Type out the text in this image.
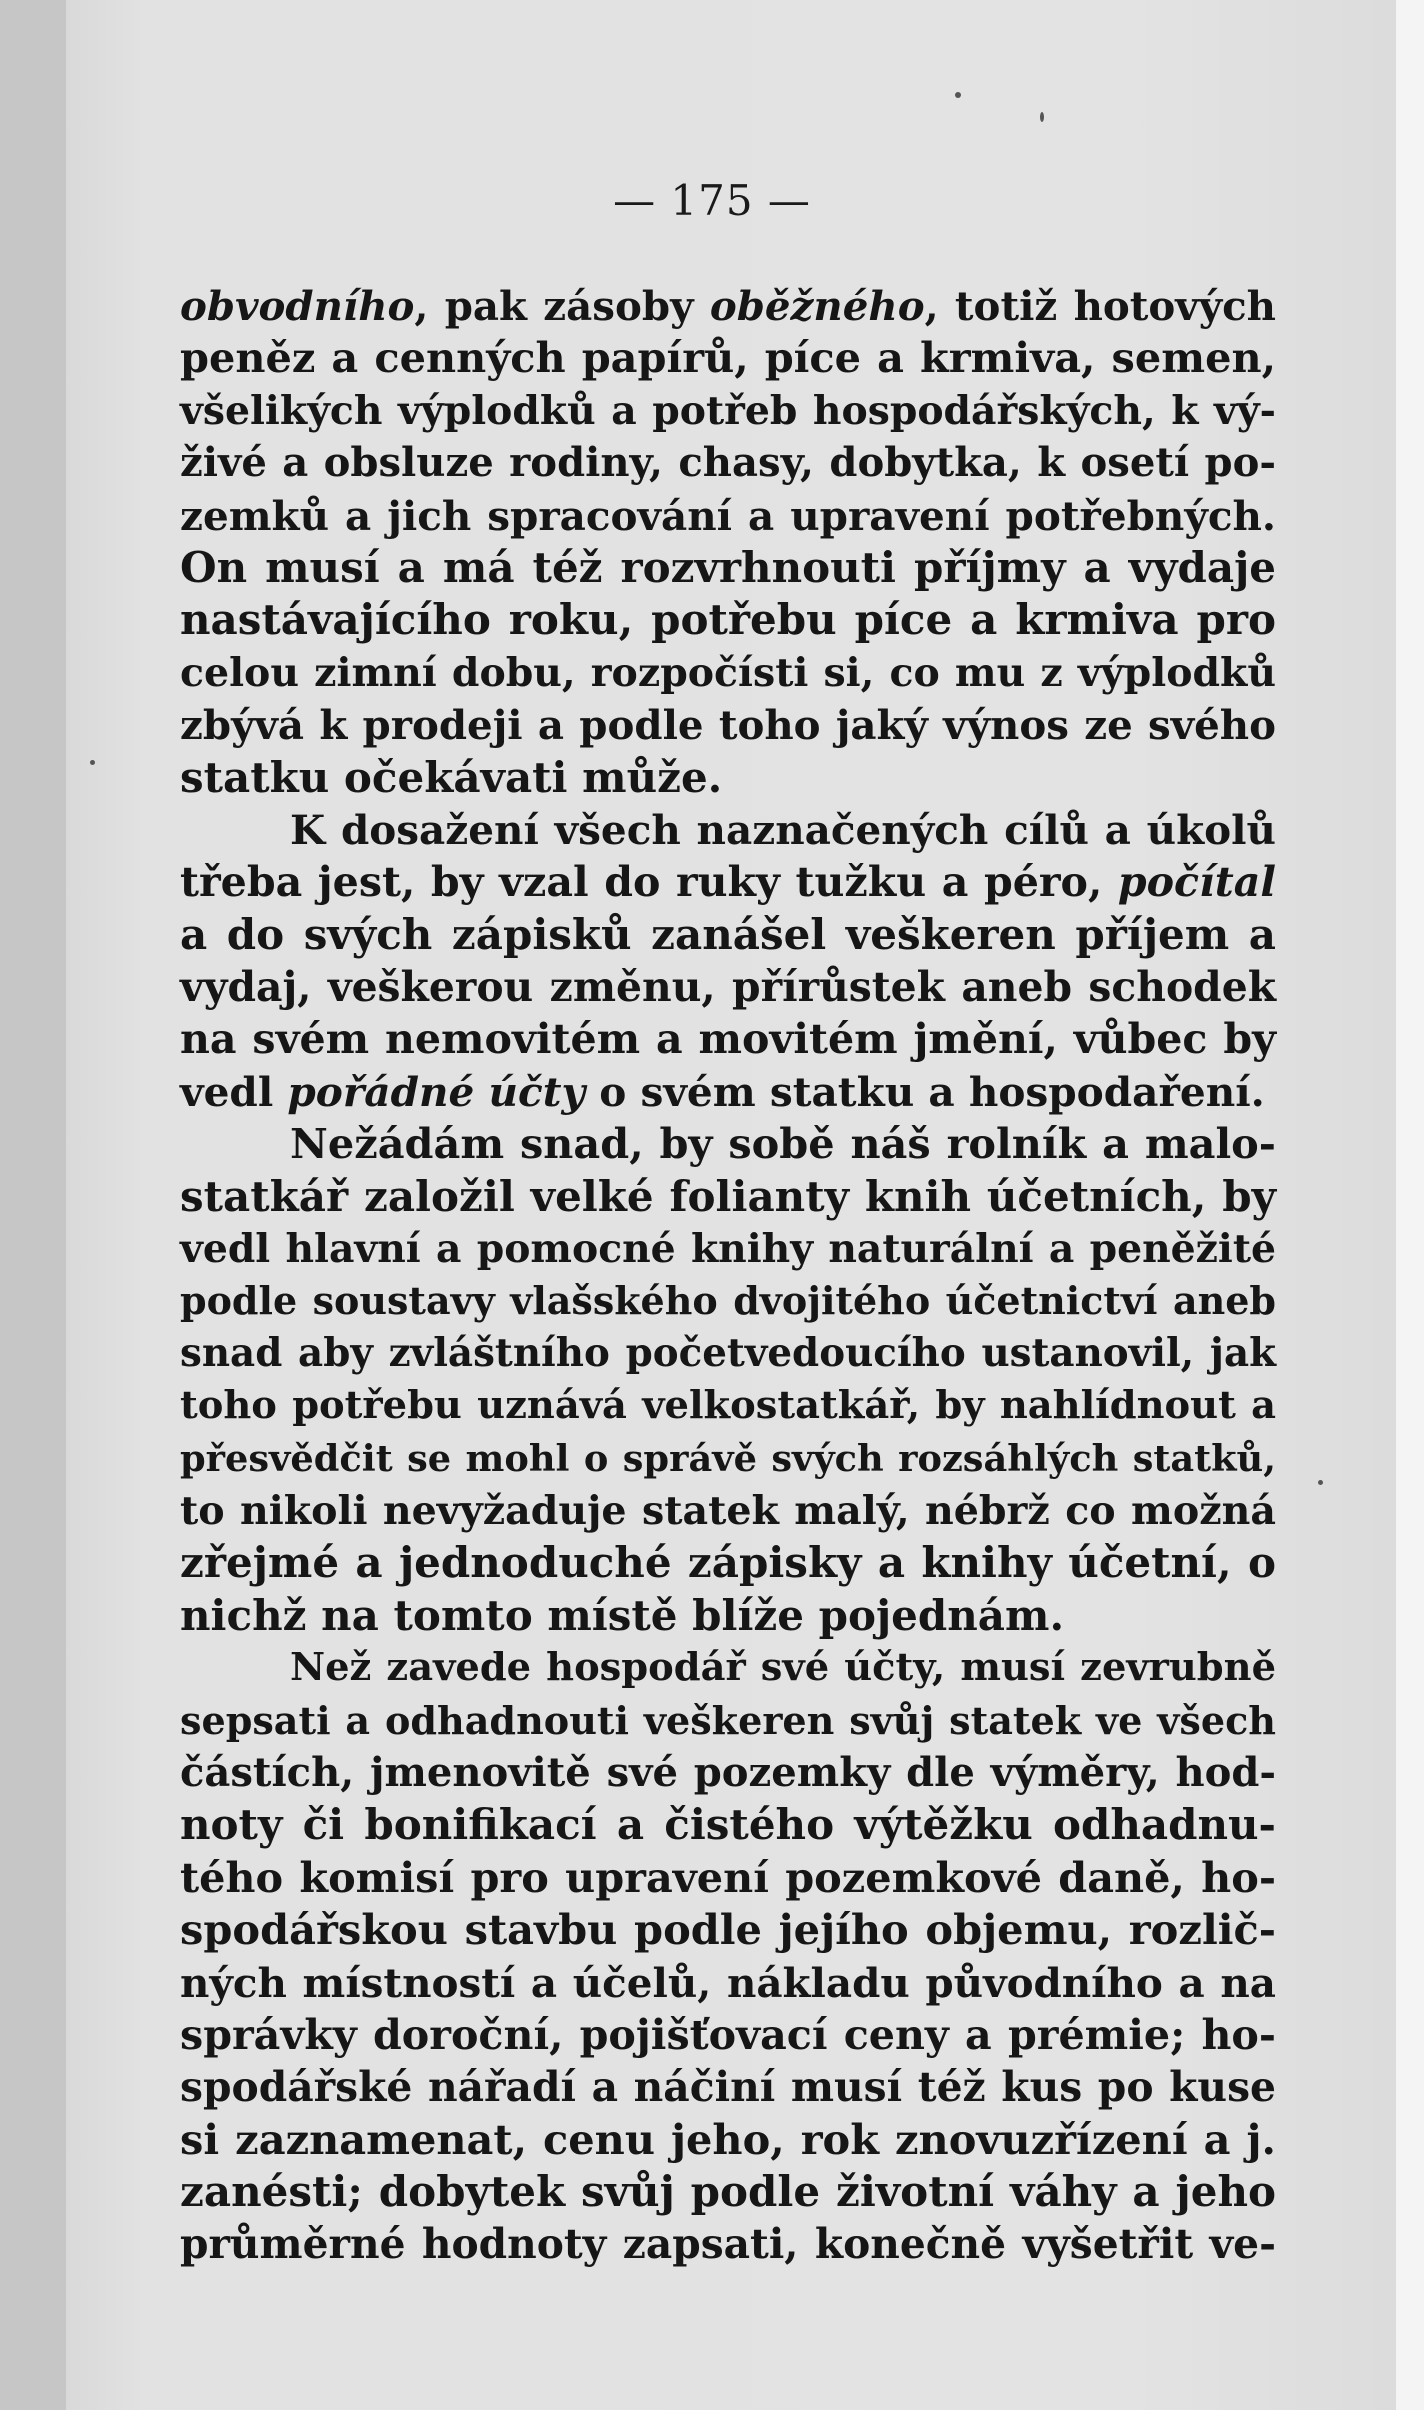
— 175 —
obvodního, pak zásoby oběžného, totiž hotových
peněz a cenných papírů, píce a krmiva, semen,
všelikých výplodků a potřeb hospodářských, k vý-
živé a obsluze rodiny, chasy, dobytka, k osetí po-
zemků a jich spracování a upravení potřebných.
On musí a má též rozvrhnouti příjmy a vydaje
nastávajícího roku, potřebu píce a krmiva pro
celou zimní dobu, rozpočísti si, co mu z výplodků
zbývá k prodeji a podle toho jaký výnos ze svého
statku očekávati může.
K dosažení všech naznačených cílů a úkolů
třeba jest, by vzal do ruky tužku a péro, počítal
a do svých zápisků zanášel veškeren příjem a
vydaj, veškerou změnu, přírůstek aneb schodek
na svém nemovitém a movitém jmění, vůbec by
vedl pořádné účty o svém statku a hospodaření.
Nežádám snad, by sobě náš rolník a malo-
statkář založil velké folianty knih účetních, by
vedl hlavní a pomocné knihy naturální a peněžité
podle soustavy vlašského dvojitého účetnictví aneb
snad aby zvláštního početvedoucího ustanovil, jak
toho potřebu uznává velkostatkář, by nahlídnout a
přesvědčit se mohl o správě svých rozsáhlých statků,
to nikoli nevyžaduje statek malý, nébrž co možná
zřejmé a jednoduché zápisky a knihy účetní, o
nichž na tomto místě blíže pojednám.
Než zavede hospodář své účty, musí zevrubně
sepsati a odhadnouti veškeren svůj statek ve všech
částích, jmenovitě své pozemky dle výměry, hod-
noty či bonifikací a čistého výtěžku odhadnu-
tého komisí pro upravení pozemkové daně, ho-
spodářskou stavbu podle jejího objemu, rozlič-
ných místností a účelů, nákladu původního a na
správky doroční, pojišťovací ceny a prémie; ho-
spodářské nářadí a náčiní musí též kus po kuse
si zaznamenat, cenu jeho, rok znovuzřízení a j.
zanésti; dobytek svůj podle životní váhy a jeho
průměrné hodnoty zapsati, konečně vyšetřit ve-
